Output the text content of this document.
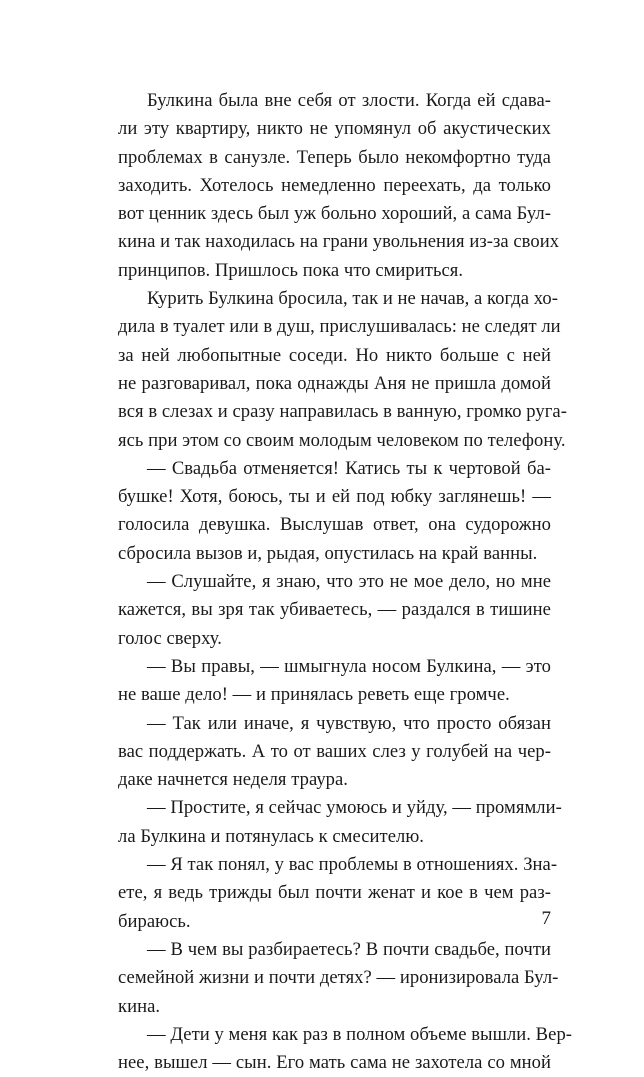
Булкина была вне себя от злости. Когда ей сдава-
ли эту квартиру, никто не упомянул об акустических
проблемах в санузле. Теперь было некомфортно туда
заходить. Хотелось немедленно переехать, да только
вот ценник здесь был уж больно хороший, а сама Бул-
кина и так находилась на грани увольнения из-за своих
принципов. Пришлось пока что смириться.
Курить Булкина бросила, так и не начав, а когда хо-
дила в туалет или в душ, прислушивалась: не следят ли
за ней любопытные соседи. Но никто больше с ней
не разговаривал, пока однажды Аня не пришла домой
вся в слезах и сразу направилась в ванную, громко руга-
ясь при этом со своим молодым человеком по телефону.
— Свадьба отменяется! Катись ты к чертовой ба-
бушке! Хотя, боюсь, ты и ей под юбку заглянешь! —
голосила девушка. Выслушав ответ, она судорожно
сбросила вызов и, рыдая, опустилась на край ванны.
— Слушайте, я знаю, что это не мое дело, но мне
кажется, вы зря так убиваетесь, — раздался в тишине
голос сверху.
— Вы правы, — шмыгнула носом Булкина, — это
не ваше дело! — и принялась реветь еще громче.
— Так или иначе, я чувствую, что просто обязан
вас поддержать. А то от ваших слез у голубей на чер-
даке начнется неделя траура.
— Простите, я сейчас умоюсь и уйду, — промямли-
ла Булкина и потянулась к смесителю.
— Я так понял, у вас проблемы в отношениях. Зна-
ете, я ведь трижды был почти женат и кое в чем раз-
бираюсь.
— В чем вы разбираетесь? В почти свадьбе, почти
семейной жизни и почти детях? — иронизировала Бул-
кина.
— Дети у меня как раз в полном объеме вышли. Вер-
нее, вышел — сын. Его мать сама не захотела со мной
7
